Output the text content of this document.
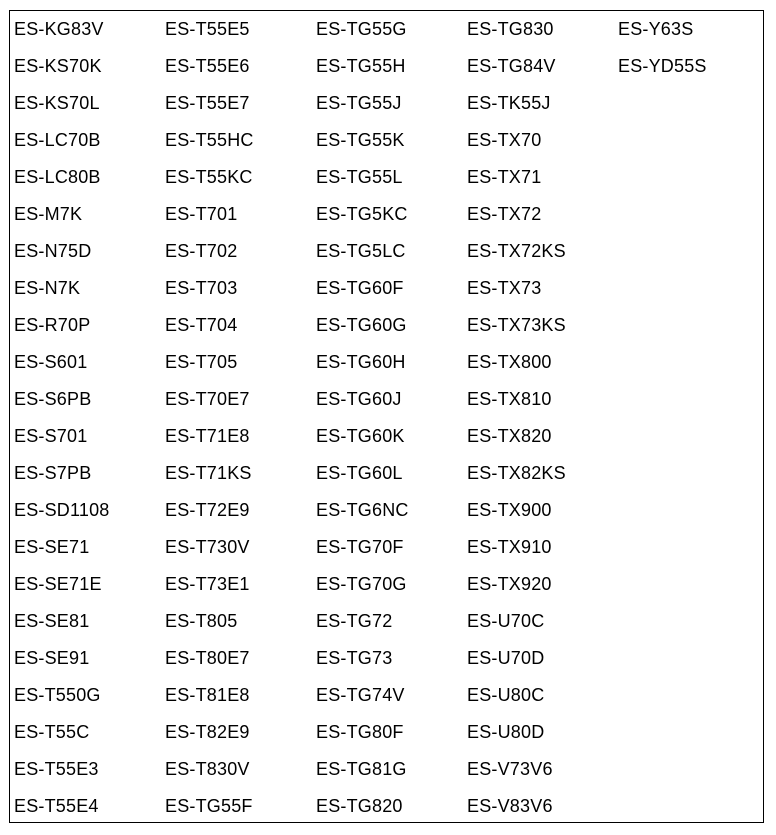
ES-KG83V
ES-KS70K
ES-KS70L
ES-LC70B
ES-LC80B
ES-M7K
ES-N75D
ES-N7K
ES-R70P
ES-S601
ES-S6PB
ES-S701
ES-S7PB
ES-SD1108
ES-SE71
ES-SE71E
ES-SE81
ES-SE91
ES-T550G
ES-T55C
ES-T55E3
ES-T55E4
ES-T55E5
ES-T55E6
ES-T55E7
ES-T55HC
ES-T55KC
ES-T701
ES-T702
ES-T703
ES-T704
ES-T705
ES-T70E7
ES-T71E8
ES-T71KS
ES-T72E9
ES-T730V
ES-T73E1
ES-T805
ES-T80E7
ES-T81E8
ES-T82E9
ES-T830V
ES-TG55F
ES-TG55G
ES-TG55H
ES-TG55J
ES-TG55K
ES-TG55L
ES-TG5KC
ES-TG5LC
ES-TG60F
ES-TG60G
ES-TG60H
ES-TG60J
ES-TG60K
ES-TG60L
ES-TG6NC
ES-TG70F
ES-TG70G
ES-TG72
ES-TG73
ES-TG74V
ES-TG80F
ES-TG81G
ES-TG820
ES-TG830
ES-TG84V
ES-TK55J
ES-TX70
ES-TX71
ES-TX72
ES-TX72KS
ES-TX73
ES-TX73KS
ES-TX800
ES-TX810
ES-TX820
ES-TX82KS
ES-TX900
ES-TX910
ES-TX920
ES-U70C
ES-U70D
ES-U80C
ES-U80D
ES-V73V6
ES-V83V6
ES-Y63S
ES-YD55S
